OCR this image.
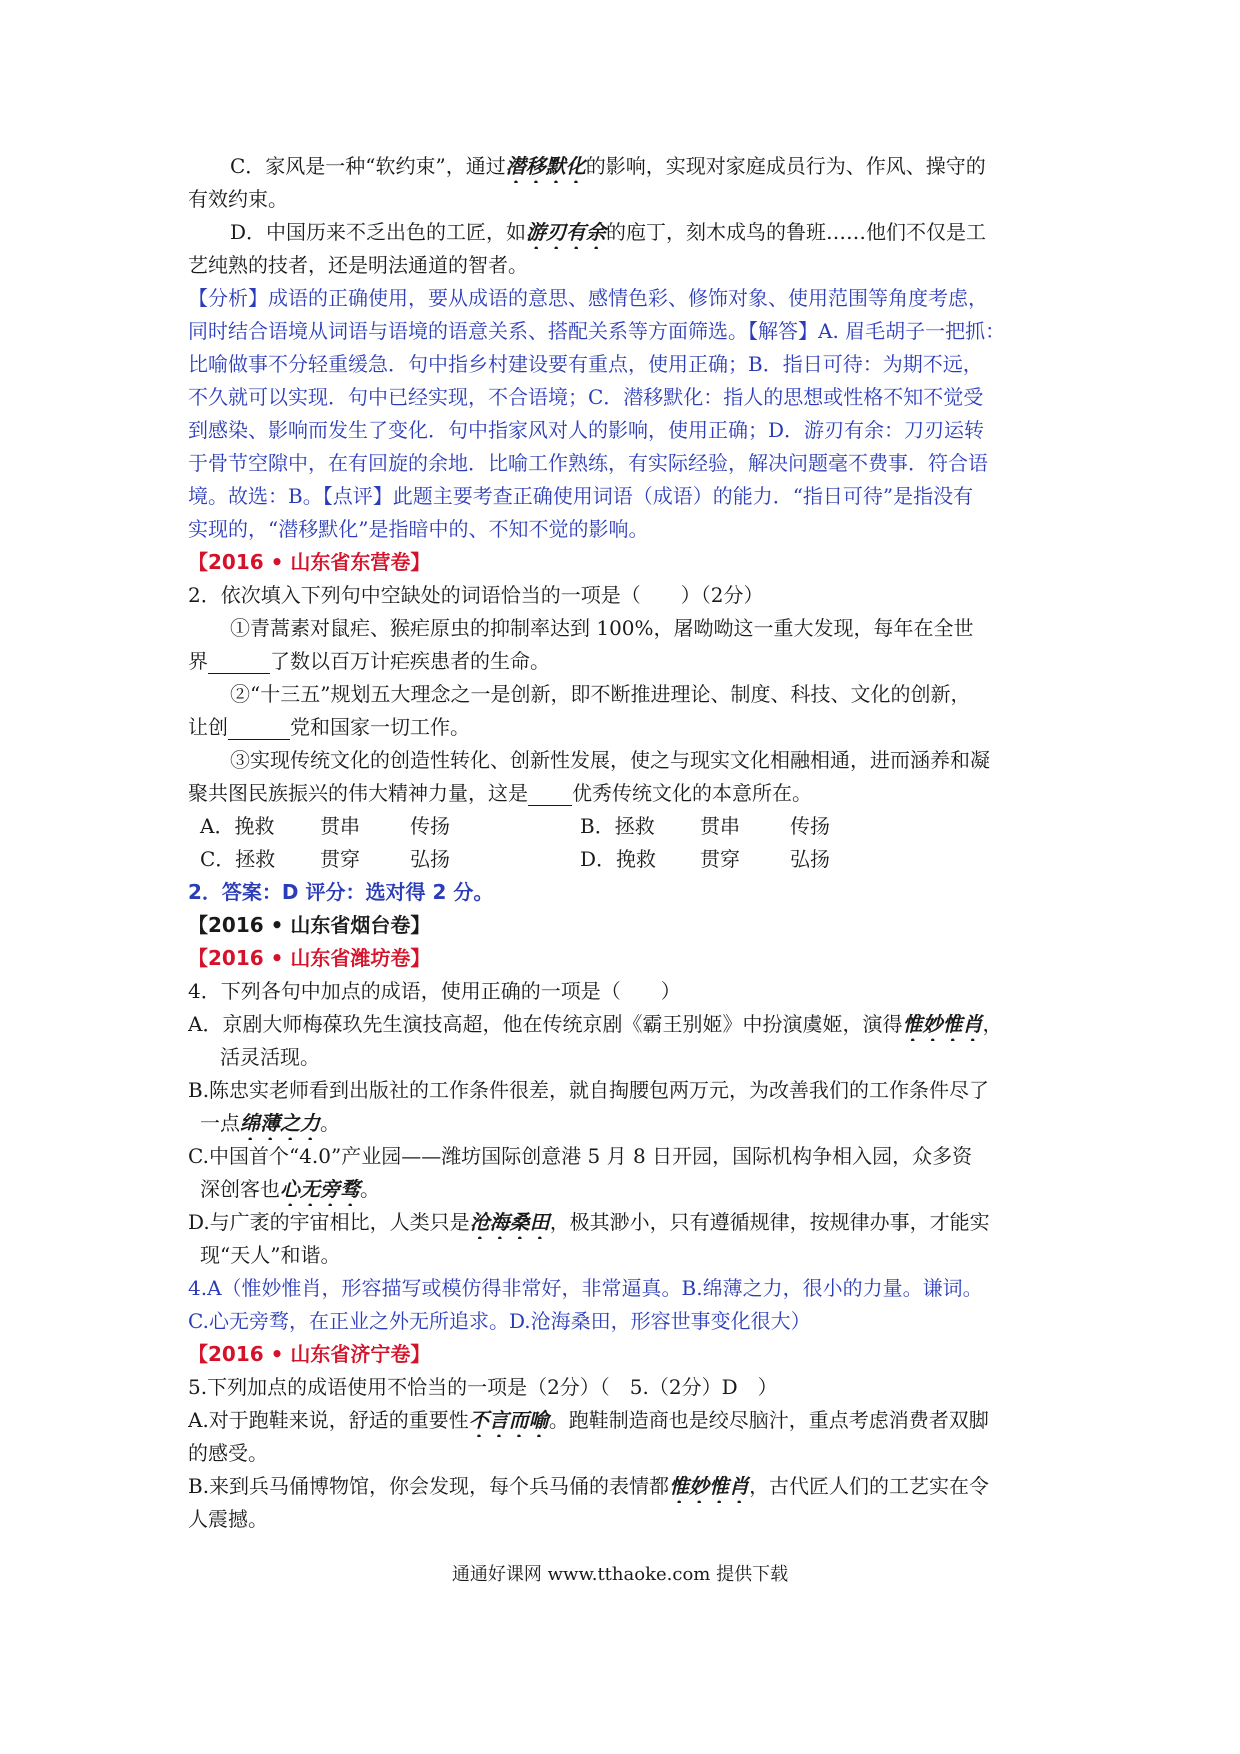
C．家风是一种“软约束”，通过潜移默化的影响，实现对家庭成员行为、作风、操守的
有效约束。
D．中国历来不乏出色的工匠，如游刃有余的庖丁，刻木成鸟的鲁班……他们不仅是工
艺纯熟的技者，还是明法通道的智者。
【分析】成语的正确使用，要从成语的意思、感情色彩、修饰对象、使用范围等角度考虑，
同时结合语境从词语与语境的语意关系、搭配关系等方面筛选。【解答】A. 眉毛胡子一把抓：
比喻做事不分轻重缓急．句中指乡村建设要有重点，使用正确；B．指日可待：为期不远，
不久就可以实现．句中已经实现，不合语境；C．潜移默化：指人的思想或性格不知不觉受
到感染、影响而发生了变化．句中指家风对人的影响，使用正确；D．游刃有余：刀刃运转
于骨节空隙中，在有回旋的余地．比喻工作熟练，有实际经验，解决问题毫不费事．符合语
境。故选：B。【点评】此题主要考查正确使用词语（成语）的能力．“指日可待”是指没有
实现的，“潜移默化”是指暗中的、不知不觉的影响。
【2016 • 山东省东营卷】
2．依次填入下列句中空缺处的词语恰当的一项是（　　）（2分）
①青蒿素对鼠疟、猴疟原虫的抑制率达到 100%，屠呦呦这一重大发现，每年在全世
界	了数以百万计疟疾患者的生命。
②“十三五”规划五大理念之一是创新，即不断推进理论、制度、科技、文化的创新，
让创	党和国家一切工作。
③实现传统文化的创造性转化、创新性发展，使之与现实文化相融相通，进而涵养和凝
聚共图民族振兴的伟大精神力量，这是 优秀传统文化的本意所在。
A．挽救 贯串	传扬	B．拯救 贯串	传扬
C．拯救 贯穿	弘扬	D．挽救 贯穿	弘扬
2．答案：D 评分：选对得 2 分。
【2016 • 山东省烟台卷】
【2016 • 山东省潍坊卷】
4．下列各句中加点的成语，使用正确的一项是（　　）
A．京剧大师梅葆玖先生演技高超，他在传统京剧《霸王别姬》中扮演虞姬，演得惟妙惟肖，
活灵活现。
B.陈忠实老师看到出版社的工作条件很差，就自掏腰包两万元，为改善我们的工作条件尽了
一点绵薄之力。
C.中国首个“4.0”产业园——潍坊国际创意港 5 月 8 日开园，国际机构争相入园，众多资
深创客也心无旁骛。
D.与广袤的宇宙相比，人类只是沧海桑田，极其渺小，只有遵循规律，按规律办事，才能实
现“天人”和谐。
4.A（惟妙惟肖，形容描写或模仿得非常好，非常逼真。B.绵薄之力，很小的力量。谦词。
C.心无旁骛，在正业之外无所追求。D.沧海桑田，形容世事变化很大）
【2016 • 山东省济宁卷】
5.下列加点的成语使用不恰当的一项是（2分）（　5.（2分）D　）
A.对于跑鞋来说，舒适的重要性不言而喻。跑鞋制造商也是绞尽脑汁，重点考虑消费者双脚
的感受。
B.来到兵马俑博物馆，你会发现，每个兵马俑的表情都惟妙惟肖，古代匠人们的工艺实在令
人震撼。
通通好课网 www.tthaoke.com 提供下载
